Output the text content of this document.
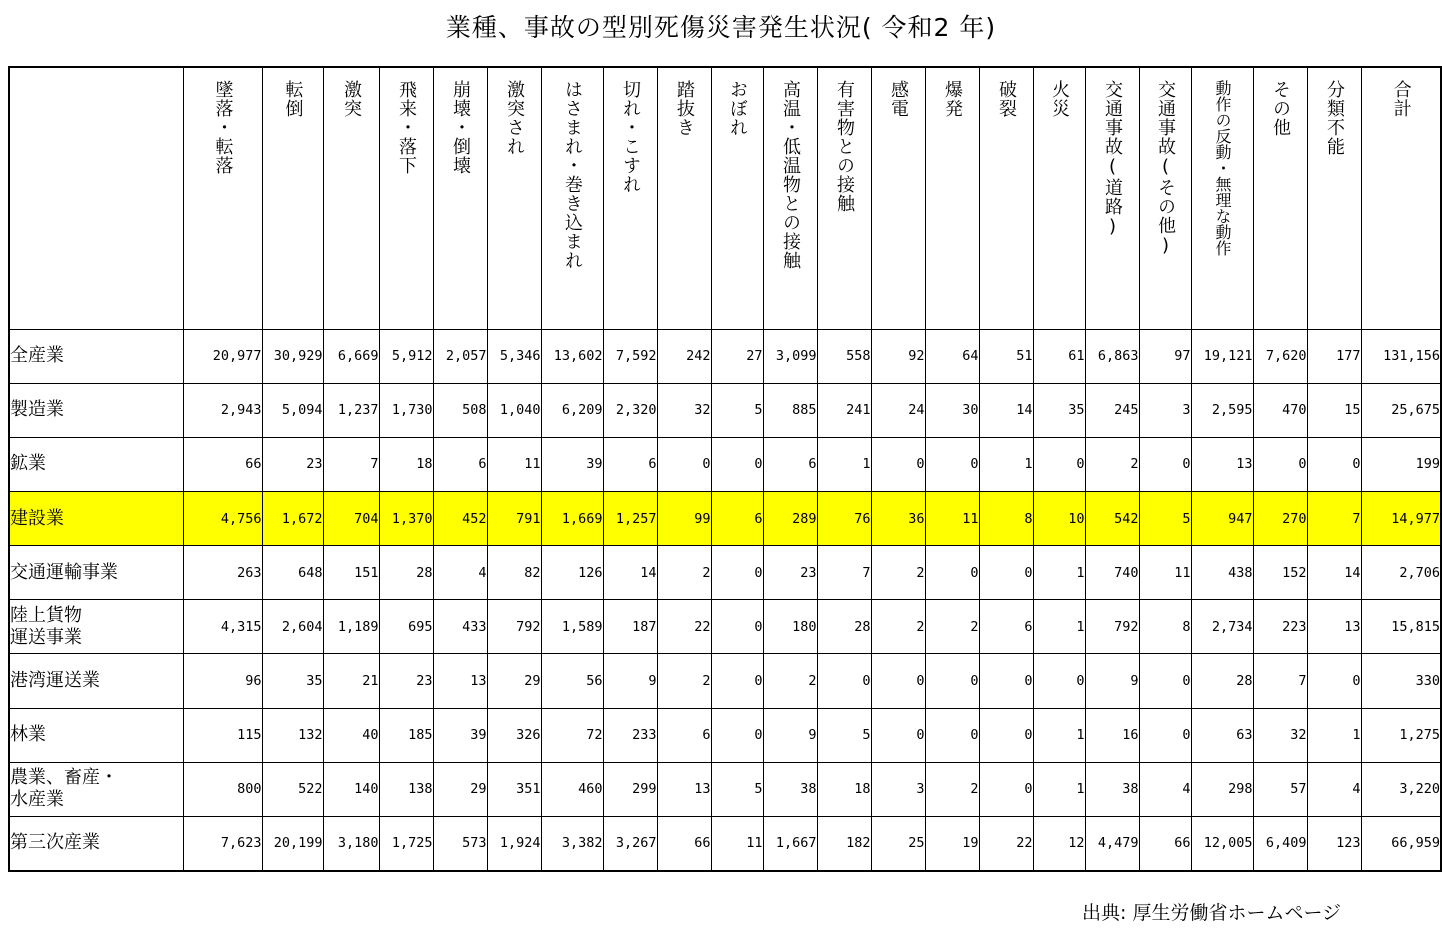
業種、事故の型別死傷災害発生状況( 令和2 年)

	墜落・転落	転倒	激突	飛来・落下	崩壊・倒壊	激突され	はさまれ・巻き込まれ	切れ・こすれ	踏抜き	おぼれ	高温・低温物との接触	有害物との接触	感電	爆発	破裂	火災	交通事故(道路)	交通事故(その他)	動作の反動・無理な動作	その他	分類不能	合計

全産業	20,977	30,929	6,669	5,912	2,057	5,346	13,602	7,592	242	27	3,099	558	92	64	51	61	6,863	97	19,121	7,620	177	131,156
製造業	2,943	5,094	1,237	1,730	508	1,040	6,209	2,320	32	5	885	241	24	30	14	35	245	3	2,595	470	15	25,675
鉱業	66	23	7	18	6	11	39	6	0	0	6	1	0	0	1	0	2	0	13	0	0	199
建設業	4,756	1,672	704	1,370	452	791	1,669	1,257	99	6	289	76	36	11	8	10	542	5	947	270	7	14,977
交通運輸事業	263	648	151	28	4	82	126	14	2	0	23	7	2	0	0	1	740	11	438	152	14	2,706
陸上貨物
運送事業	4,315	2,604	1,189	695	433	792	1,589	187	22	0	180	28	2	2	6	1	792	8	2,734	223	13	15,815
港湾運送業	96	35	21	23	13	29	56	9	2	0	2	0	0	0	0	0	9	0	28	7	0	330
林業	115	132	40	185	39	326	72	233	6	0	9	5	0	0	0	1	16	0	63	32	1	1,275
農業、畜産・
水産業	800	522	140	138	29	351	460	299	13	5	38	18	3	2	0	1	38	4	298	57	4	3,220
第三次産業	7,623	20,199	3,180	1,725	573	1,924	3,382	3,267	66	11	1,667	182	25	19	22	12	4,479	66	12,005	6,409	123	66,959
出典: 厚生労働省ホームページ
